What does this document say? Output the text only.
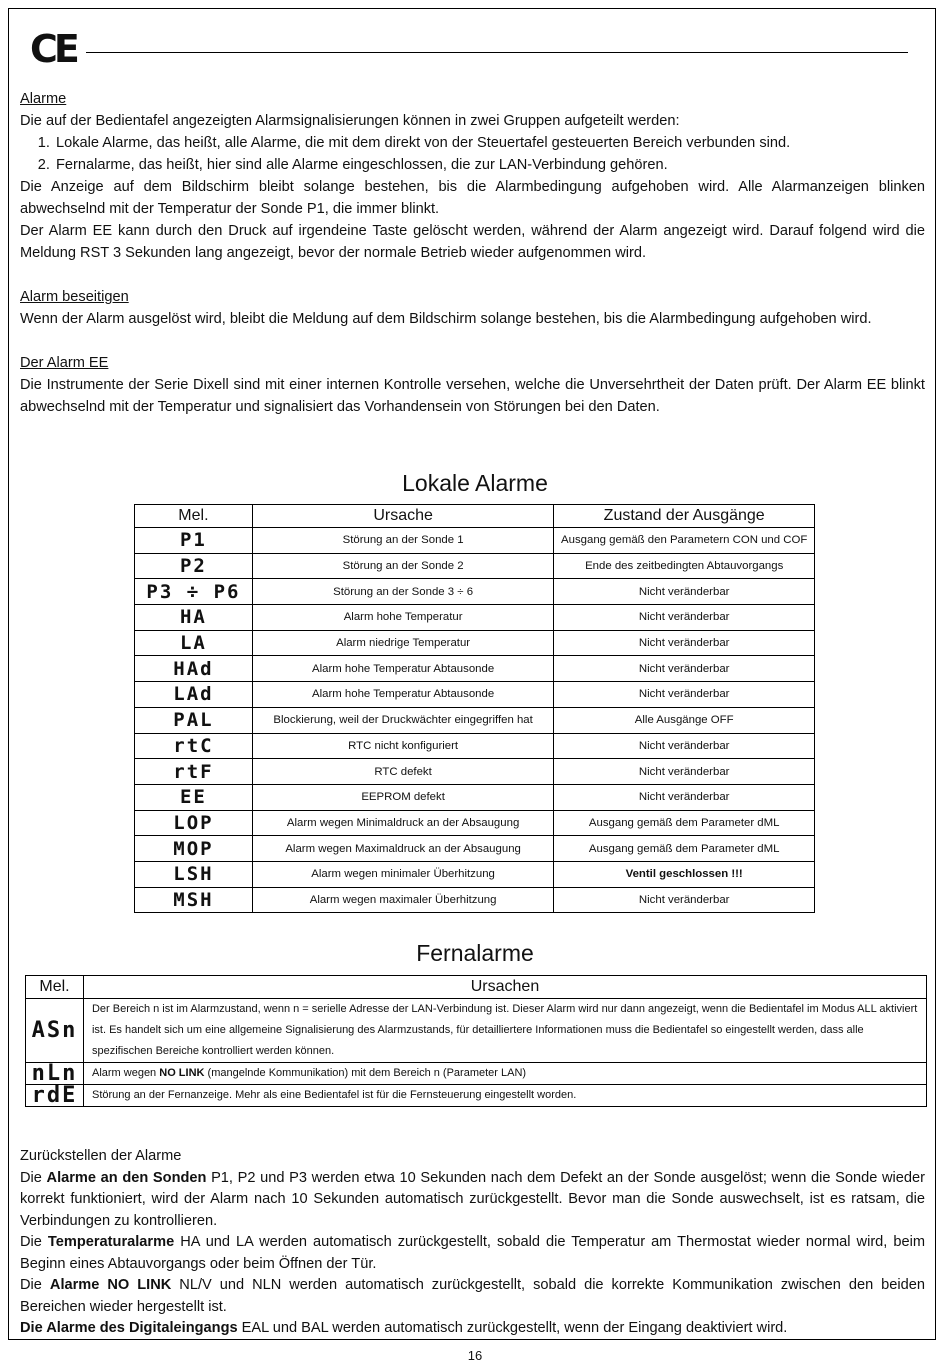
CE

Alarme

Die auf der Bedientafel angezeigten Alarmsignalisierungen können in zwei Gruppen aufgeteilt werden:

1. Lokale Alarme, das heißt, alle Alarme, die mit dem direkt von der Steuertafel gesteuerten Bereich verbunden sind.
2. Fernalarme, das heißt, hier sind alle Alarme eingeschlossen, die zur LAN-Verbindung gehören.

Die Anzeige auf dem Bildschirm bleibt solange bestehen, bis die Alarmbedingung aufgehoben wird. Alle Alarmanzeigen blinken abwechselnd mit der Temperatur der Sonde P1, die immer blinkt.

Der Alarm EE kann durch den Druck auf irgendeine Taste gelöscht werden, während der Alarm angezeigt wird. Darauf folgend wird die Meldung RST 3 Sekunden lang angezeigt, bevor der normale Betrieb wieder aufgenommen wird.

Alarm beseitigen

Wenn der Alarm ausgelöst wird, bleibt die Meldung auf dem Bildschirm solange bestehen, bis die Alarmbedingung aufgehoben wird.

Der Alarm EE

Die Instrumente der Serie Dixell sind mit einer internen Kontrolle versehen, welche die Unversehrtheit der Daten prüft. Der Alarm EE blinkt abwechselnd mit der Temperatur und signalisiert das Vorhandensein von Störungen bei den Daten.

Lokale Alarme
Mel.	Ursache	Zustand der Ausgänge
P1	Störung an der Sonde 1	Ausgang gemäß den Parametern CON und COF
P2	Störung an der Sonde 2	Ende des zeitbedingten Abtauvorgangs
P3 ÷ P6	Störung an der Sonde 3 ÷ 6	Nicht veränderbar
HA	Alarm hohe Temperatur	Nicht veränderbar
LA	Alarm niedrige Temperatur	Nicht veränderbar
HAd	Alarm hohe Temperatur Abtausonde	Nicht veränderbar
LAd	Alarm hohe Temperatur Abtausonde	Nicht veränderbar
PAL	Blockierung, weil der Druckwächter eingegriffen hat	Alle Ausgänge OFF
rtC	RTC nicht konfiguriert	Nicht veränderbar
rtF	RTC defekt	Nicht veränderbar
EE	EEPROM defekt	Nicht veränderbar
LOP	Alarm wegen Minimaldruck an der Absaugung	Ausgang gemäß dem Parameter dML
MOP	Alarm wegen Maximaldruck an der Absaugung	Ausgang gemäß dem Parameter dML
LSH	Alarm wegen minimaler Überhitzung	Ventil geschlossen !!!
MSH	Alarm wegen maximaler Überhitzung	Nicht veränderbar
Fernalarme
Mel.	Ursachen
ASn	Der Bereich n ist im Alarmzustand, wenn n = serielle Adresse der LAN-Verbindung ist. Dieser Alarm wird nur dann angezeigt, wenn die Bedientafel im Modus ALL aktiviert ist. Es handelt sich um eine allgemeine Signalisierung des Alarmzustands, für detailliertere Informationen muss die Bedientafel so eingestellt werden, dass alle spezifischen Bereiche kontrolliert werden können.
nLn	Alarm wegen NO LINK (mangelnde Kommunikation) mit dem Bereich n (Parameter LAN)
rdE	Störung an der Fernanzeige. Mehr als eine Bedientafel ist für die Fernsteuerung eingestellt worden.

Zurückstellen der Alarme

Die Alarme an den Sonden P1, P2 und P3 werden etwa 10 Sekunden nach dem Defekt an der Sonde ausgelöst; wenn die Sonde wieder korrekt funktioniert, wird der Alarm nach 10 Sekunden automatisch zurückgestellt. Bevor man die Sonde auswechselt, ist es ratsam, die Verbindungen zu kontrollieren.

Die Temperaturalarme HA und LA werden automatisch zurückgestellt, sobald die Temperatur am Thermostat wieder normal wird, beim Beginn eines Abtauvorgangs oder beim Öffnen der Tür.

Die Alarme NO LINK NL/V und NLN werden automatisch zurückgestellt, sobald die korrekte Kommunikation zwischen den beiden Bereichen wieder hergestellt ist.

Die Alarme des Digitaleingangs EAL und BAL werden automatisch zurückgestellt, wenn der Eingang deaktiviert wird.

16
